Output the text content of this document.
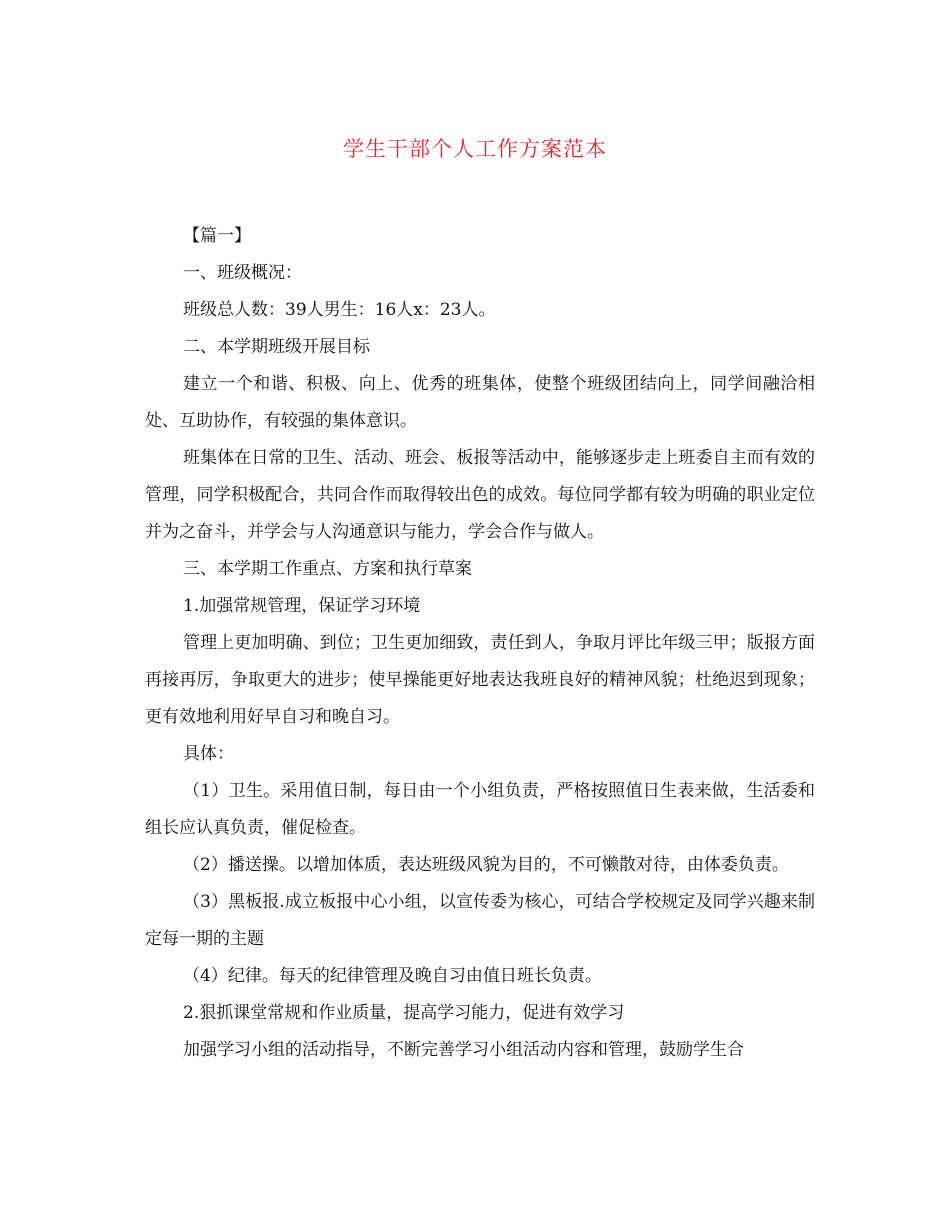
学生干部个人工作方案范本

【篇一】

一、班级概况：

班级总人数：39人男生：16人x：23人。

二、本学期班级开展目标

建立一个和谐、积极、向上、优秀的班集体，使整个班级团结向上，同学间融洽相处、互助协作，有较强的集体意识。

班集体在日常的卫生、活动、班会、板报等活动中，能够逐步走上班委自主而有效的管理，同学积极配合，共同合作而取得较出色的成效。每位同学都有较为明确的职业定位并为之奋斗，并学会与人沟通意识与能力，学会合作与做人。

三、本学期工作重点、方案和执行草案

1.加强常规管理，保证学习环境

管理上更加明确、到位；卫生更加细致，责任到人，争取月评比年级三甲；版报方面再接再厉，争取更大的进步；使早操能更好地表达我班良好的精神风貌；杜绝迟到现象；更有效地利用好早自习和晚自习。

具体：

（1）卫生。采用值日制，每日由一个小组负责，严格按照值日生表来做，生活委和组长应认真负责，催促检查。

（2）播送操。以增加体质，表达班级风貌为目的，不可懒散对待，由体委负责。

（3）黑板报.成立板报中心小组，以宣传委为核心，可结合学校规定及同学兴趣来制定每一期的主题

（4）纪律。每天的纪律管理及晚自习由值日班长负责。

2.狠抓课堂常规和作业质量，提高学习能力，促进有效学习

加强学习小组的活动指导，不断完善学习小组活动内容和管理，鼓励学生合
